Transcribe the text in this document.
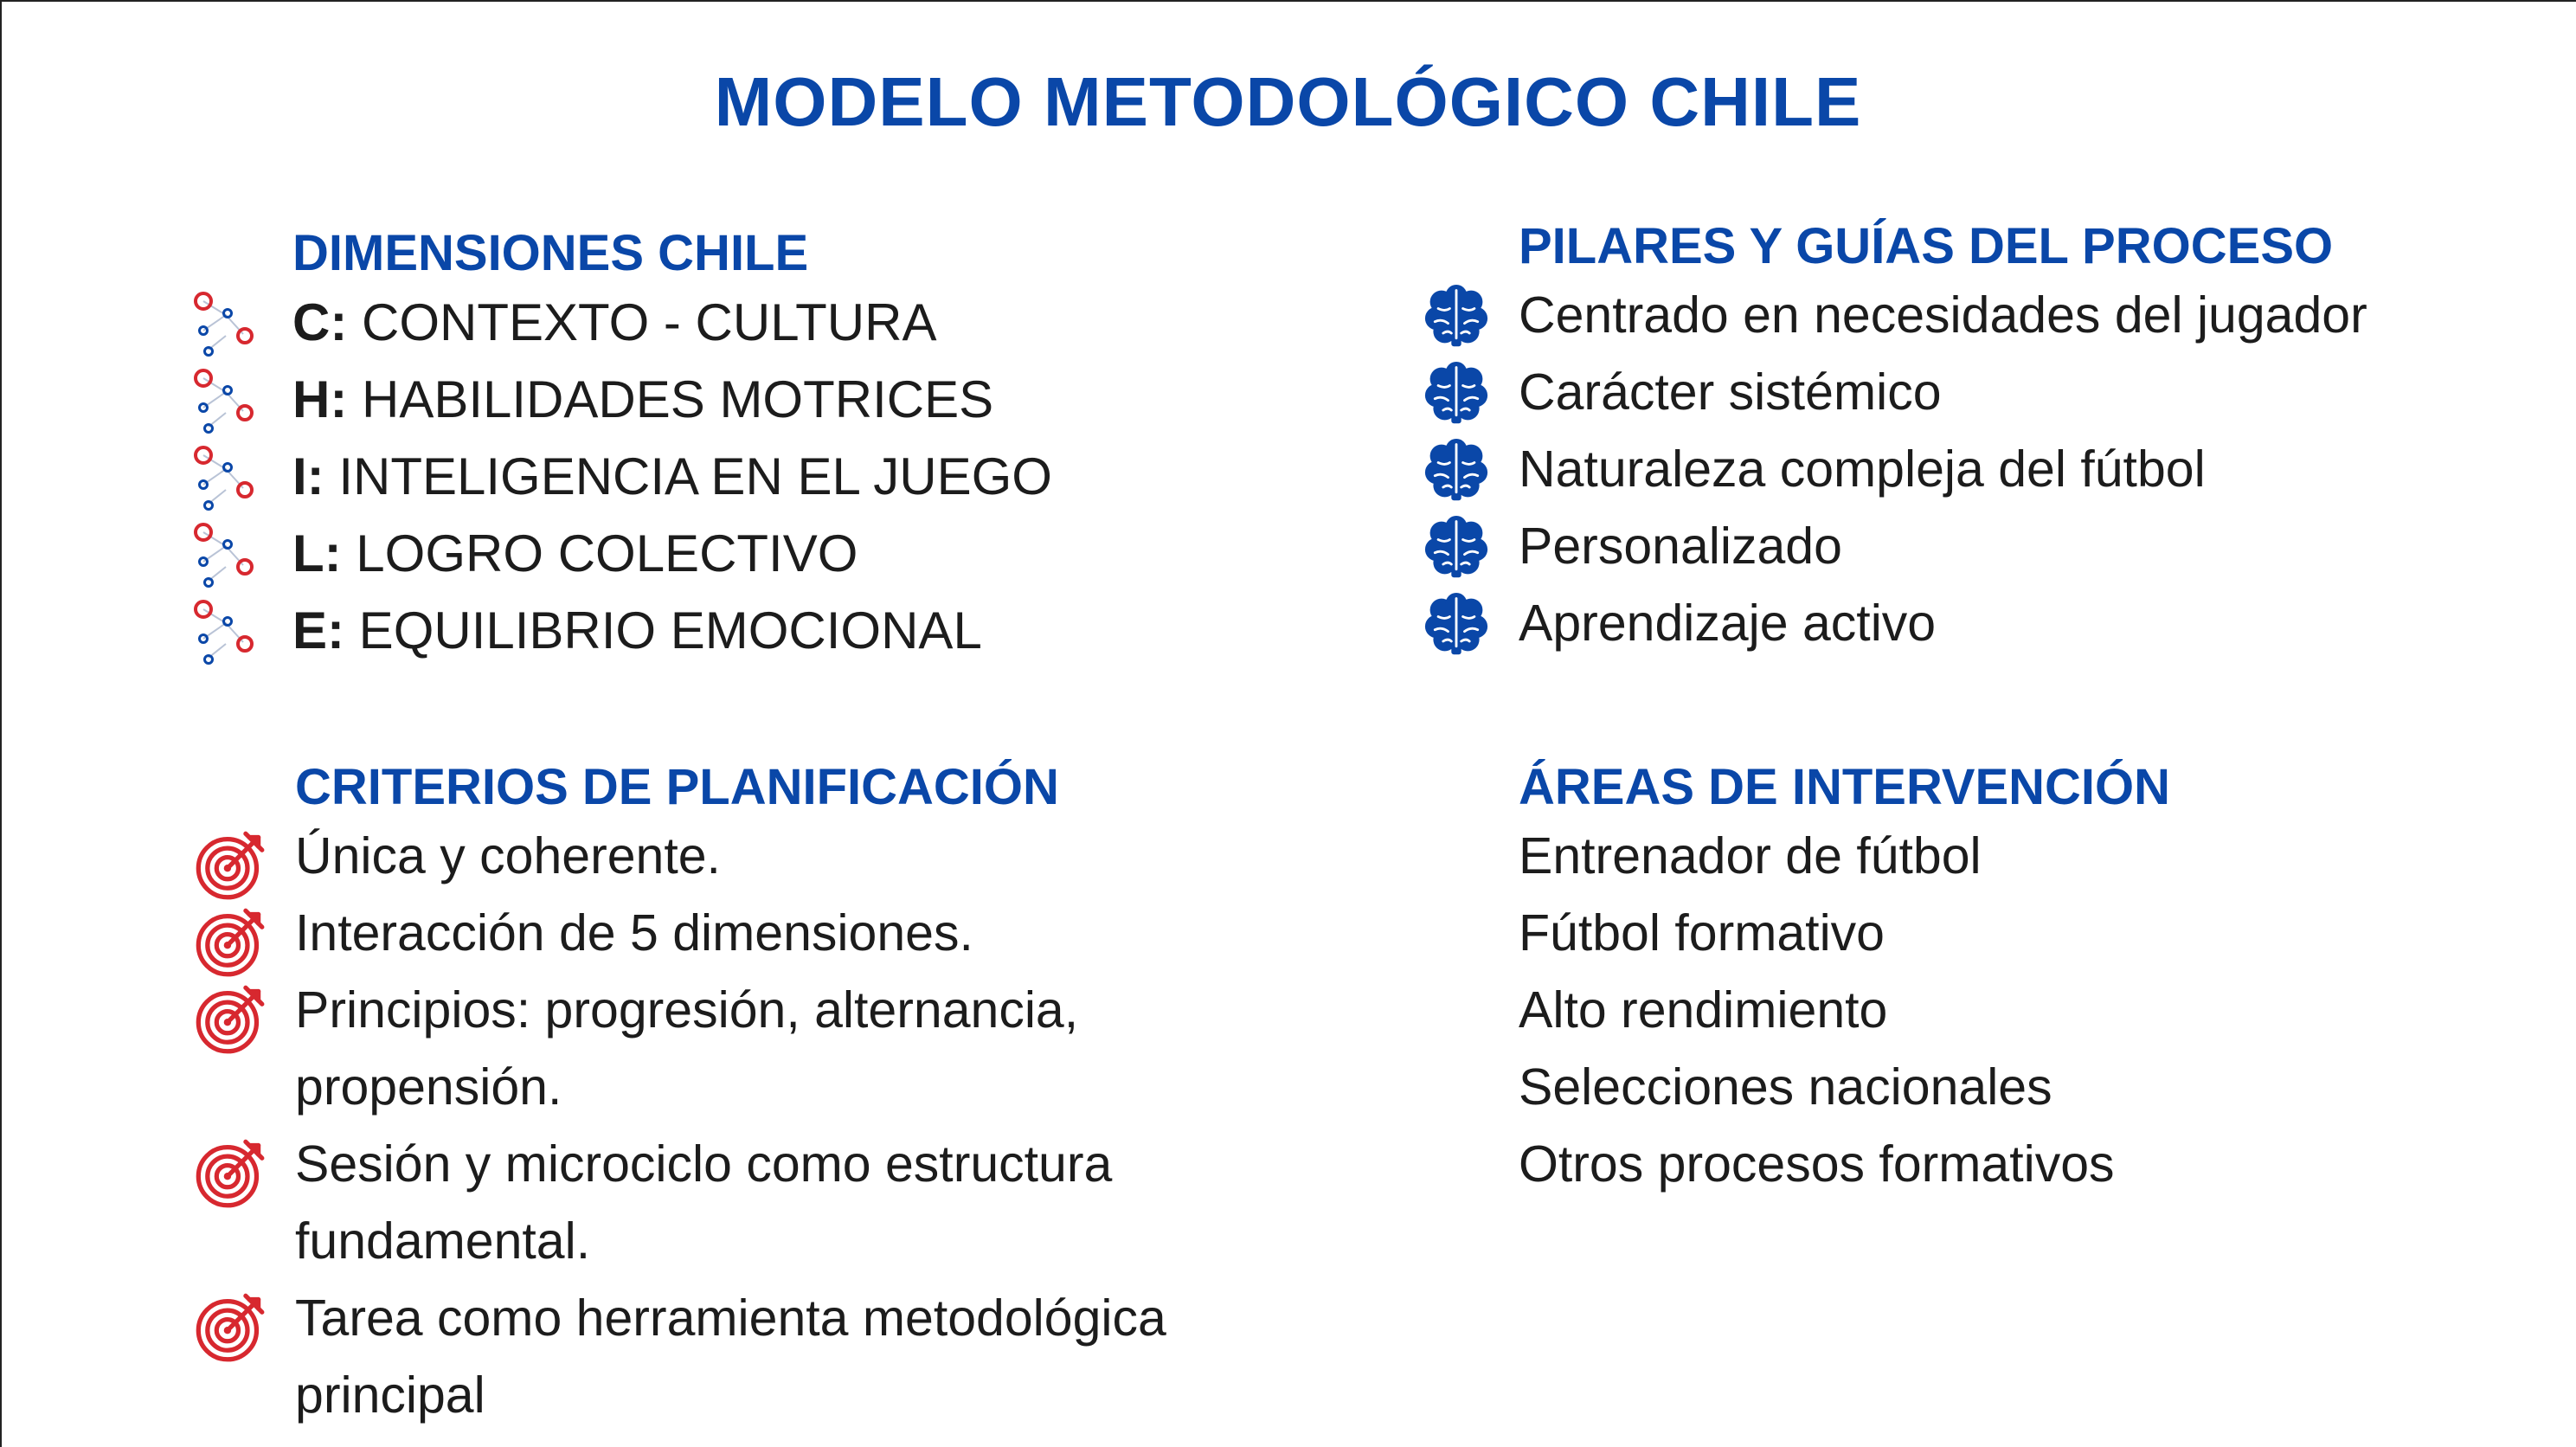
MODELO METODOLÓGICO CHILE
DIMENSIONES CHILE
C: CONTEXTO - CULTURA
H: HABILIDADES MOTRICES
I: INTELIGENCIA EN EL JUEGO
L: LOGRO COLECTIVO
E: EQUILIBRIO EMOCIONAL
PILARES Y GUÍAS DEL PROCESO
Centrado en necesidades del jugador
Carácter sistémico
Naturaleza compleja del fútbol
Personalizado
Aprendizaje activo
CRITERIOS DE PLANIFICACIÓN
Única y coherente.
Interacción de 5 dimensiones.
Principios: progresión, alternancia, propensión.
Sesión y microciclo como estructura fundamental.
Tarea como herramienta metodológica principal
ÁREAS DE INTERVENCIÓN
Entrenador de fútbol
Fútbol formativo
Alto rendimiento
Selecciones nacionales
Otros procesos formativos
